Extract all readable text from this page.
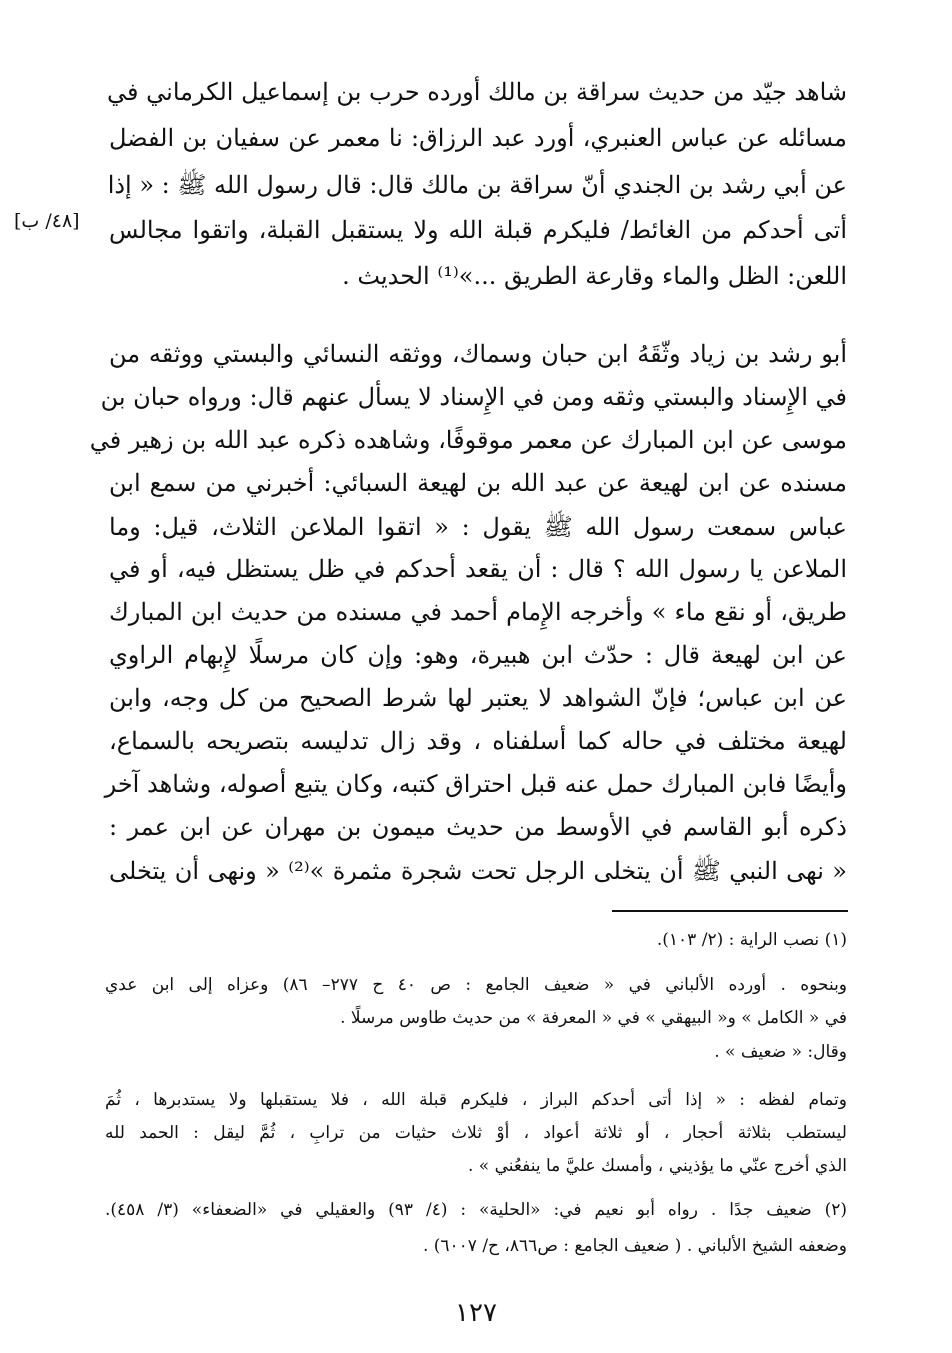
[٤٨/ ب]
شاهد جيّد من حديث سراقة بن مالك أورده حرب بن إسماعيل الكرماني في
مسائله عن عباس العنبري، أورد عبد الرزاق: نا معمر عن سفيان بن الفضل
عن أبي رشد بن الجندي أنّ سراقة بن مالك قال: قال رسول الله ﷺ : « إذا
أتى أحدكم من الغائط/ فليكرم قبلة الله ولا يستقبل القبلة، واتقوا مجالس
اللعن: الظل والماء وقارعة الطريق ...»⁽¹⁾ الحديث .
أبو رشد بن زياد وثّقَهُ ابن حبان وسماك، ووثقه النسائي والبستي ووثقه من
في الإِسناد والبستي وثقه ومن في الإِسناد لا يسأل عنهم قال: ورواه حبان بن
موسى عن ابن المبارك عن معمر موقوفًا، وشاهده ذكره عبد الله بن زهير في
مسنده عن ابن لهيعة عن عبد الله بن لهيعة السبائي: أخبرني من سمع ابن
عباس سمعت رسول الله ﷺ يقول : « اتقوا الملاعن الثلاث، قيل: وما
الملاعن يا رسول الله ؟ قال : أن يقعد أحدكم في ظل يستظل فيه، أو في
طريق، أو نقع ماء » وأخرجه الإِمام أحمد في مسنده من حديث ابن المبارك
عن ابن لهيعة قال : حدّث ابن هبيرة، وهو: وإن كان مرسلًا لإِبهام الراوي
عن ابن عباس؛ فإنّ الشواهد لا يعتبر لها شرط الصحيح من كل وجه، وابن
لهيعة مختلف في حاله كما أسلفناه ، وقد زال تدليسه بتصريحه بالسماع،
وأيضًا فابن المبارك حمل عنه قبل احتراق كتبه، وكان يتبع أصوله، وشاهد آخر
ذكره أبو القاسم في الأوسط من حديث ميمون بن مهران عن ابن عمر :
« نهى النبي ﷺ أن يتخلى الرجل تحت شجرة مثمرة »⁽²⁾ « ونهى أن يتخلى
(١) نصب الراية : (٢/ ١٠٣).
وبنحوه . أورده الألباني في « ضعيف الجامع : ص ٤٠ ح ٢٧٧– ٨٦) وعزاه إلى ابن عدي
في « الكامل » و« البيهقي » في « المعرفة » من حديث طاوس مرسلًا .
وقال: « ضعيف » .
وتمام لفظه : « إذا أتى أحدكم البراز ، فليكرم قبلة الله ، فلا يستقبلها ولا يستدبرها ، ثُمَ
ليستطب بثلاثة أحجار ، أو ثلاثة أعواد ، أوْ ثلاث حثيات من ترابِ ، ثُمَّ ليقل : الحمد لله
الذي أخرج عنّي ما يؤذيني ، وأمسك عليَّ ما ينفعُني » .
(٢) ضعيف جدًا . رواه أبو نعيم في: «الحلية» : (٤/ ٩٣) والعقيلي في «الضعفاء» (٣/ ٤٥٨).
وضعفه الشيخ الألباني . ( ضعيف الجامع : ص٨٦٦، ح/ ٦٠٠٧) .
١٢٧
